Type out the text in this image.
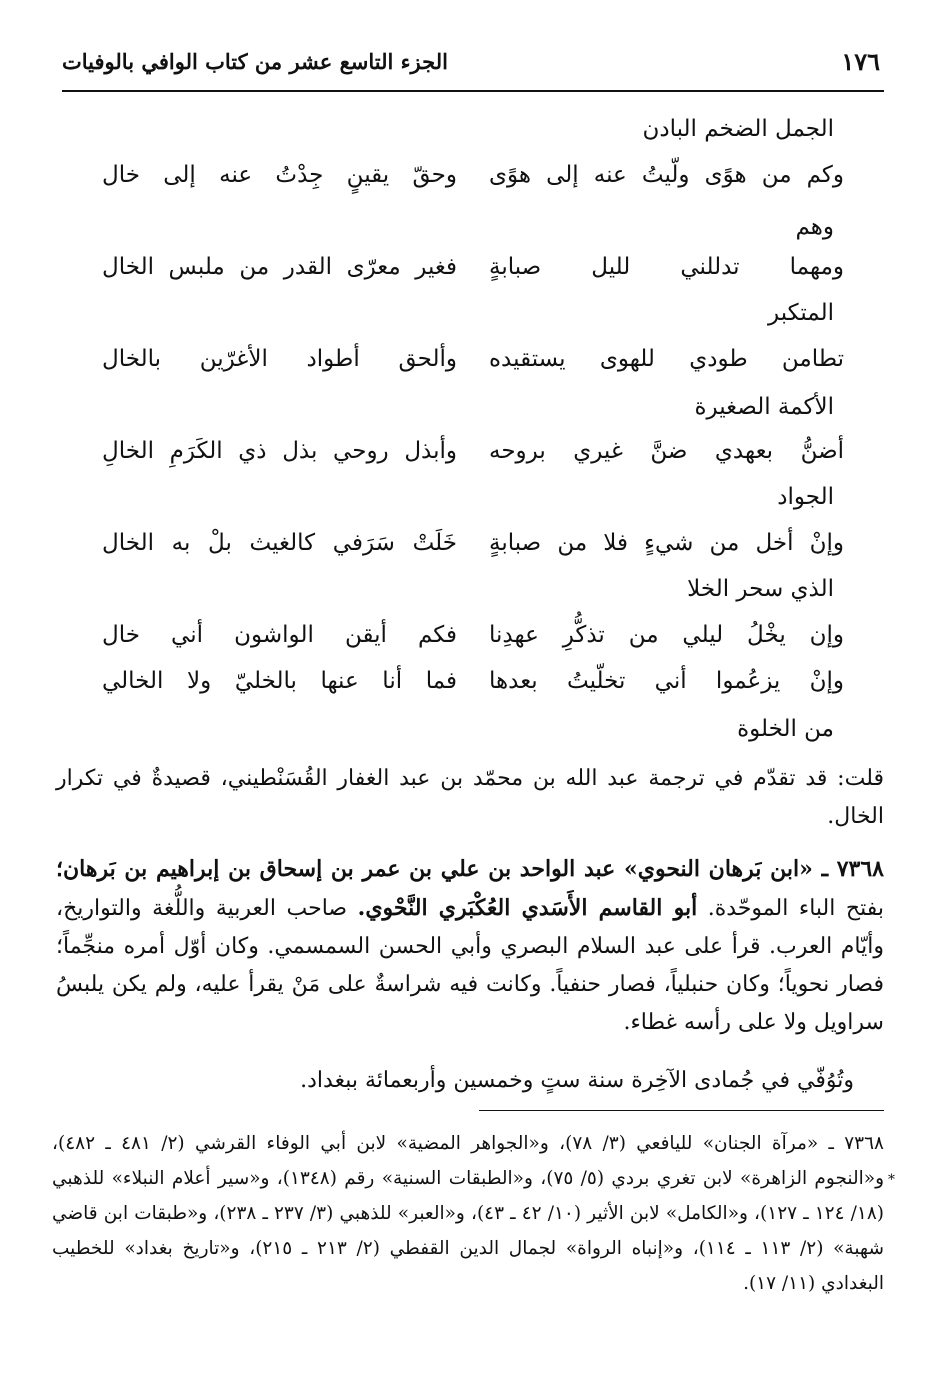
١٧٦
الجزء التاسع عشر من كتاب الوافي بالوفيات
الجمل الضخم البادن
وكم من هوًى ولّيتُ عنه إلى هوًى
وحقّ يقينٍ جِدْتُ عنه إلى خال
وهم
ومهما تدللني لليل صبابةٍ
فغير معرّى القدر من ملبس الخال
المتكبر
تطامن طودي للهوى يستقيده
وألحق أطواد الأغرّين بالخال
الأكمة الصغيرة
أضنُّ بعهدي ضنَّ غيري بروحه
وأبذل روحي بذل ذي الكَرَمِ الخالِ
الجواد
وإنْ أخل من شيءٍ فلا من صبابةٍ
خَلَتْ سَرَفي كالغيث بلْ به الخال
الذي سحر الخلا
وإن يخْلُ ليلي من تذكُّرِ عهدِنا
فكم أيقن الواشون أني خال
وإنْ يزعُموا أني تخلّيتُ بعدها
فما أنا عنها بالخليّ ولا الخالي
من الخلوة
قلت: قد تقدّم في ترجمة عبد الله بن محمّد بن عبد الغفار القُسَنْطيني، قصيدةٌ في تكرار الخال.
٧٣٦٨ ـ «ابن بَرهان النحوي» عبد الواحد بن علي بن عمر بن إسحاق بن إبراهيم بن بَرهان؛ بفتح الباء الموحّدة. أبو القاسم الأَسَدي العُكْبَري النَّحْوي. صاحب العربية واللُّغة والتواريخ، وأيّام العرب. قرأ على عبد السلام البصري وأبي الحسن السمسمي. وكان أوّل أمره منجِّماً؛ فصار نحوياً؛ وكان حنبلياً، فصار حنفياً. وكانت فيه شراسةٌ على مَنْ يقرأ عليه، ولم يكن يلبسُ سراويل ولا على رأسه غطاء.
وتُوُفّي في جُمادى الآخِرة سنة ستٍ وخمسين وأربعمائة ببغداد.
*
٧٣٦٨ ـ «مرآة الجنان» لليافعي (٣/ ٧٨)، و«الجواهر المضية» لابن أبي الوفاء القرشي (٢/ ٤٨١ ـ ٤٨٢)، و«النجوم الزاهرة» لابن تغري بردي (٥/ ٧٥)، و«الطبقات السنية» رقم (١٣٤٨)، و«سير أعلام النبلاء» للذهبي (١٨/ ١٢٤ ـ ١٢٧)، و«الكامل» لابن الأثير (١٠/ ٤٢ ـ ٤٣)، و«العبر» للذهبي (٣/ ٢٣٧ ـ ٢٣٨)، و«طبقات ابن قاضي شهبة» (٢/ ١١٣ ـ ١١٤)، و«إنباه الرواة» لجمال الدين القفطي (٢/ ٢١٣ ـ ٢١٥)، و«تاريخ بغداد» للخطيب البغدادي (١١/ ١٧).
